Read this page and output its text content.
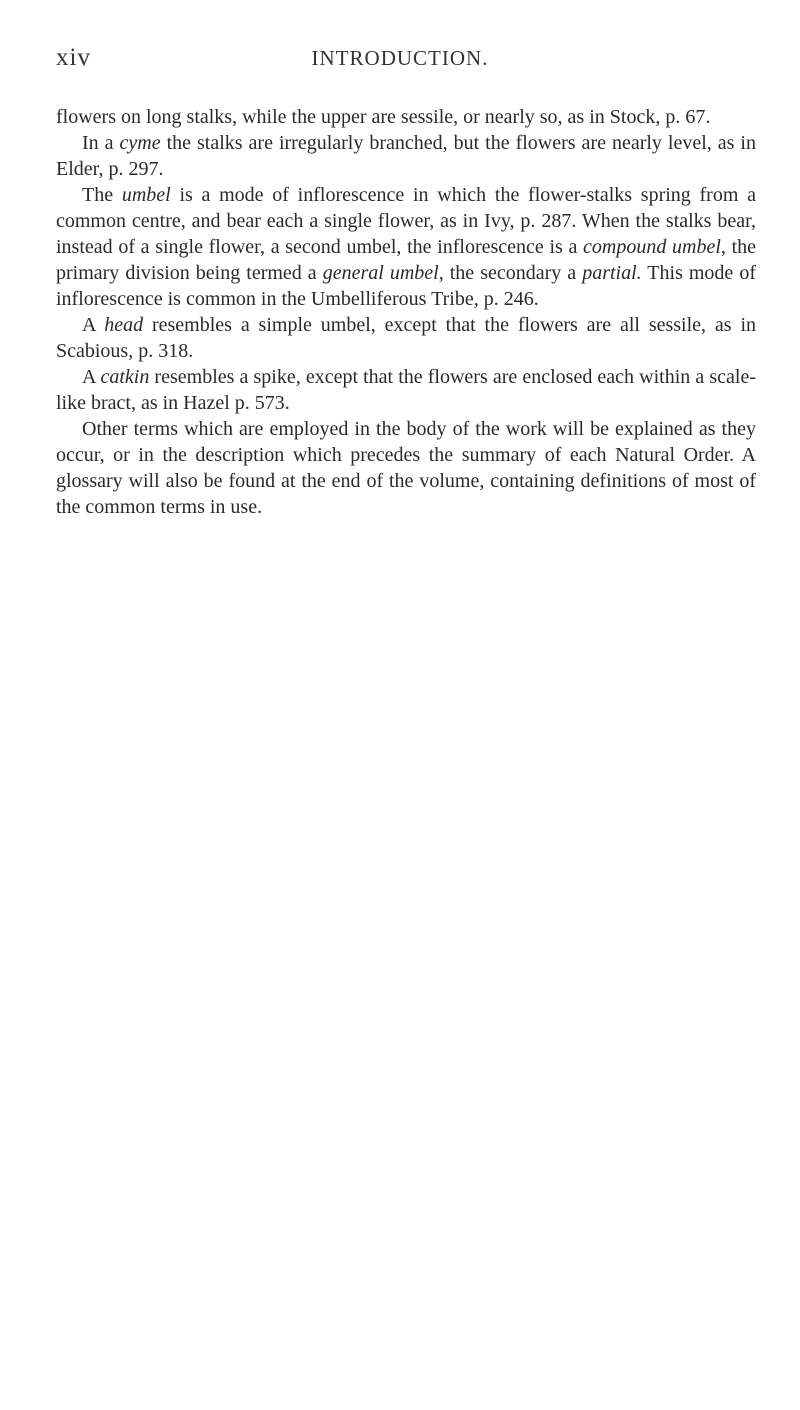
xiv	INTRODUCTION.

flowers on long stalks, while the upper are sessile, or nearly so, as in Stock, p. 67.

In a cyme the stalks are irregularly branched, but the flowers are nearly level, as in Elder, p. 297.

The umbel is a mode of inflorescence in which the flower-stalks spring from a common centre, and bear each a single flower, as in Ivy, p. 287. When the stalks bear, instead of a single flower, a second umbel, the inflorescence is a compound umbel, the primary division being termed a general umbel, the secondary a partial. This mode of inflorescence is common in the Umbelliferous Tribe, p. 246.

A head resembles a simple umbel, except that the flowers are all sessile, as in Scabious, p. 318.

A catkin resembles a spike, except that the flowers are enclosed each within a scale-like bract, as in Hazel p. 573.

Other terms which are employed in the body of the work will be explained as they occur, or in the description which precedes the summary of each Natural Order. A glossary will also be found at the end of the volume, containing definitions of most of the common terms in use.
